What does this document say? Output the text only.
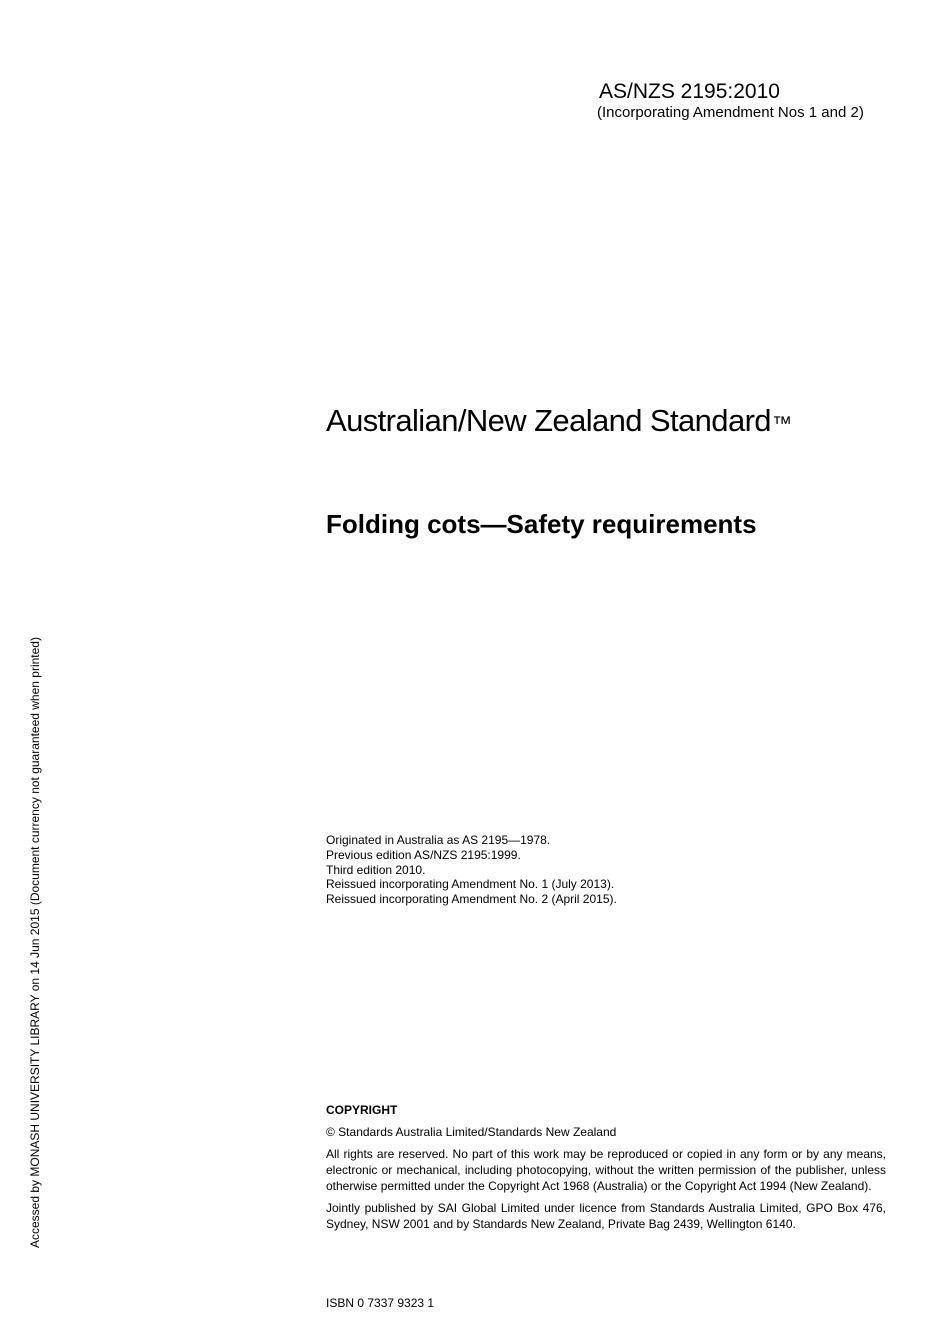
AS/NZS 2195:2010
(Incorporating Amendment Nos 1 and 2)
Australian/New Zealand Standard™
Folding cots—Safety requirements
Originated in Australia as AS 2195—1978.
Previous edition AS/NZS 2195:1999.
Third edition 2010.
Reissued incorporating Amendment No. 1 (July 2013).
Reissued incorporating Amendment No. 2 (April 2015).
COPYRIGHT
© Standards Australia Limited/Standards New Zealand

All rights are reserved. No part of this work may be reproduced or copied in any form or by any means, electronic or mechanical, including photocopying, without the written permission of the publisher, unless otherwise permitted under the Copyright Act 1968 (Australia) or the Copyright Act 1994 (New Zealand).

Jointly published by SAI Global Limited under licence from Standards Australia Limited, GPO Box 476, Sydney, NSW 2001 and by Standards New Zealand, Private Bag 2439, Wellington 6140.

ISBN 0 7337 9323 1
Accessed by MONASH UNIVERSITY LIBRARY on 14 Jun 2015 (Document currency not guaranteed when printed)
